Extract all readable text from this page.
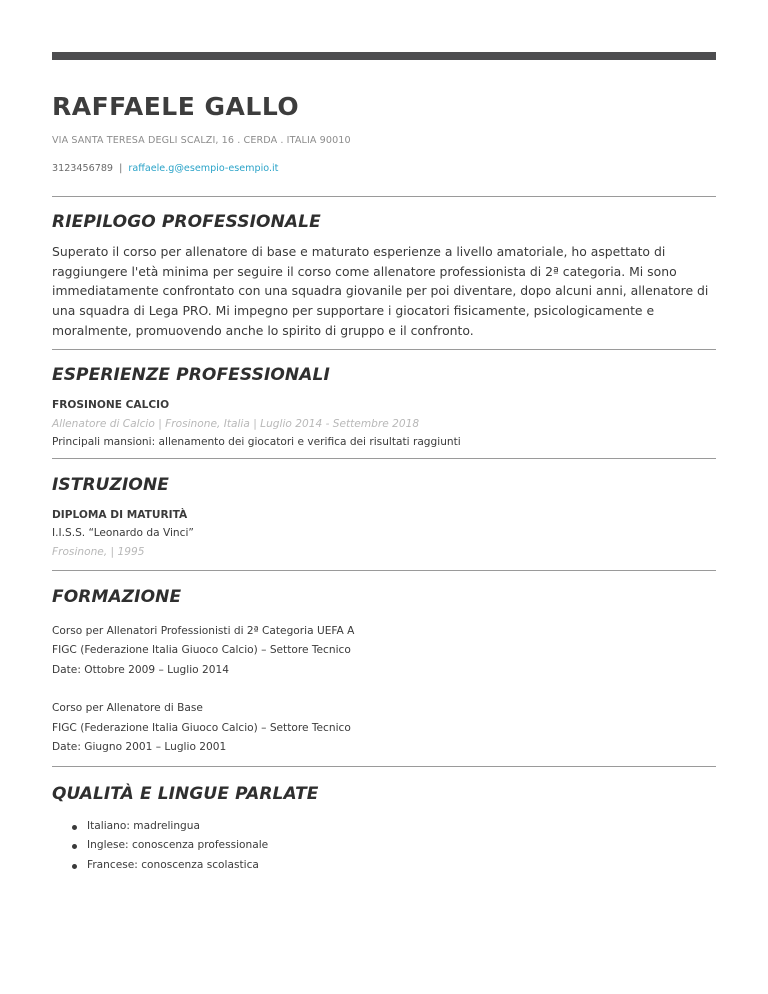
RAFFAELE GALLO
VIA SANTA TERESA DEGLI SCALZI, 16 . CERDA . ITALIA 90010
3123456789 | raffaele.g@esempio-esempio.it
RIEPILOGO PROFESSIONALE
Superato il corso per allenatore di base e maturato esperienze a livello amatoriale, ho aspettato di raggiungere l'età minima per seguire il corso come allenatore professionista di 2ª categoria. Mi sono immediatamente confrontato con una squadra giovanile per poi diventare, dopo alcuni anni, allenatore di una squadra di Lega PRO. Mi impegno per supportare i giocatori fisicamente, psicologicamente e moralmente, promuovendo anche lo spirito di gruppo e il confronto.
ESPERIENZE PROFESSIONALI
FROSINONE CALCIO
Allenatore di Calcio | Frosinone, Italia | Luglio 2014 - Settembre 2018
Principali mansioni: allenamento dei giocatori e verifica dei risultati raggiunti
ISTRUZIONE
DIPLOMA DI MATURITÀ
I.I.S.S. “Leonardo da Vinci”
Frosinone, | 1995
FORMAZIONE
Corso per Allenatori Professionisti di 2ª Categoria UEFA A
FIGC (Federazione Italia Giuoco Calcio) – Settore Tecnico
Date: Ottobre 2009 – Luglio 2014
Corso per Allenatore di Base
FIGC (Federazione Italia Giuoco Calcio) – Settore Tecnico
Date: Giugno 2001 – Luglio 2001
QUALITÀ E LINGUE PARLATE
Italiano: madrelingua
Inglese: conoscenza professionale
Francese: conoscenza scolastica
